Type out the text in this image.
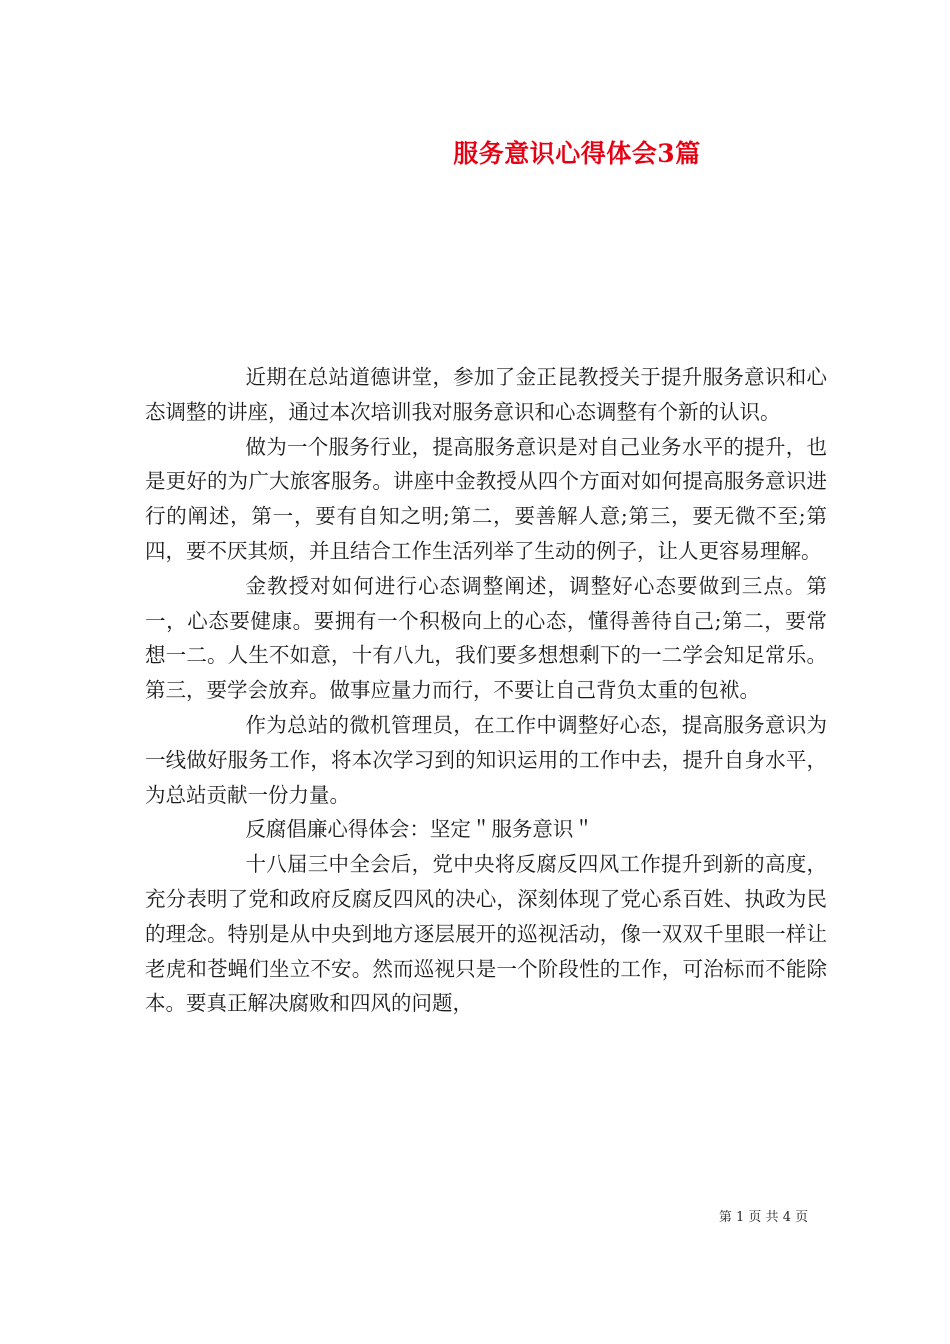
服务意识心得体会3篇

近期在总站道德讲堂，参加了金正昆教授关于提升服务意识和心态调整的讲座，通过本次培训我对服务意识和心态调整有个新的认识。

做为一个服务行业，提高服务意识是对自己业务水平的提升，也是更好的为广大旅客服务。讲座中金教授从四个方面对如何提高服务意识进行的阐述，第一，要有自知之明;第二，要善解人意;第三，要无微不至;第四，要不厌其烦，并且结合工作生活列举了生动的例子，让人更容易理解。

金教授对如何进行心态调整阐述，调整好心态要做到三点。第一，心态要健康。要拥有一个积极向上的心态，懂得善待自己;第二，要常想一二。人生不如意，十有八九，我们要多想想剩下的一二学会知足常乐。第三，要学会放弃。做事应量力而行，不要让自己背负太重的包袱。

作为总站的微机管理员，在工作中调整好心态，提高服务意识为一线做好服务工作，将本次学习到的知识运用的工作中去，提升自身水平，为总站贡献一份力量。

反腐倡廉心得体会：坚定＂服务意识＂

十八届三中全会后，党中央将反腐反四风工作提升到新的高度，充分表明了党和政府反腐反四风的决心，深刻体现了党心系百姓、执政为民的理念。特别是从中央到地方逐层展开的巡视活动，像一双双千里眼一样让老虎和苍蝇们坐立不安。然而巡视只是一个阶段性的工作，可治标而不能除本。要真正解决腐败和四风的问题，

第 1 页 共 4 页
